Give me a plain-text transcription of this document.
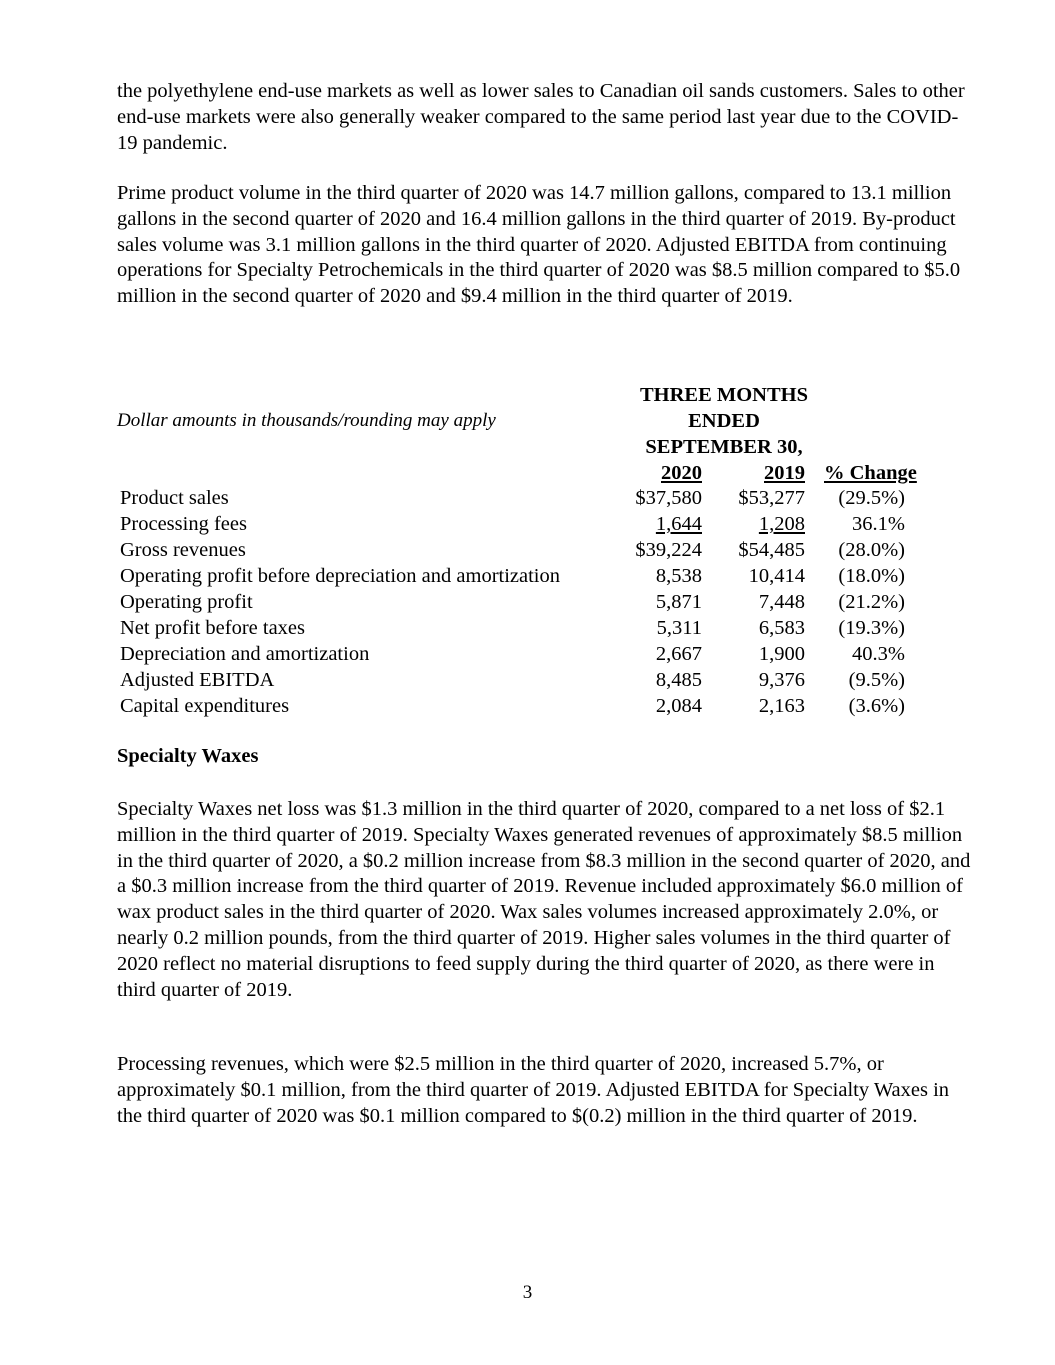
the polyethylene end-use markets as well as lower sales to Canadian oil sands customers. Sales to other end-use markets were also generally weaker compared to the same period last year due to the COVID-19 pandemic.

Prime product volume in the third quarter of 2020 was 14.7 million gallons, compared to 13.1 million gallons in the second quarter of 2020 and 16.4 million gallons in the third quarter of 2019. By-product sales volume was 3.1 million gallons in the third quarter of 2020. Adjusted EBITDA from continuing operations for Specialty Petrochemicals in the third quarter of 2020 was $8.5 million compared to $5.0 million in the second quarter of 2020 and $9.4 million in the third quarter of 2019.

Dollar amounts in thousands/rounding may apply
THREE MONTHS
ENDED
SEPTEMBER 30,
2020	2019 % Change
Product sales	$37,580 $53,277 (29.5%)
Processing fees	1,644	1,208 36.1%
Gross revenues	$39,224 $54,485 (28.0%)
Operating profit before depreciation and amortization	8,538 10,414 (18.0%)
Operating profit	5,871	7,448 (21.2%)
Net profit before taxes	5,311	6,583 (19.3%)
Depreciation and amortization	2,667	1,900 40.3%
Adjusted EBITDA	8,485	9,376 (9.5%)
Capital expenditures	2,084	2,163 (3.6%)
Specialty Waxes

Specialty Waxes net loss was $1.3 million in the third quarter of 2020, compared to a net loss of $2.1 million in the third quarter of 2019. Specialty Waxes generated revenues of approximately $8.5 million in the third quarter of 2020, a $0.2 million increase from $8.3 million in the second quarter of 2020, and a $0.3 million increase from the third quarter of 2019. Revenue included approximately $6.0 million of wax product sales in the third quarter of 2020. Wax sales volumes increased approximately 2.0%, or nearly 0.2 million pounds, from the third quarter of 2019. Higher sales volumes in the third quarter of 2020 reflect no material disruptions to feed supply during the third quarter of 2020, as there were in third quarter of 2019.

Processing revenues, which were $2.5 million in the third quarter of 2020, increased 5.7%, or approximately $0.1 million, from the third quarter of 2019. Adjusted EBITDA for Specialty Waxes in the third quarter of 2020 was $0.1 million compared to $(0.2) million in the third quarter of 2019.

3
